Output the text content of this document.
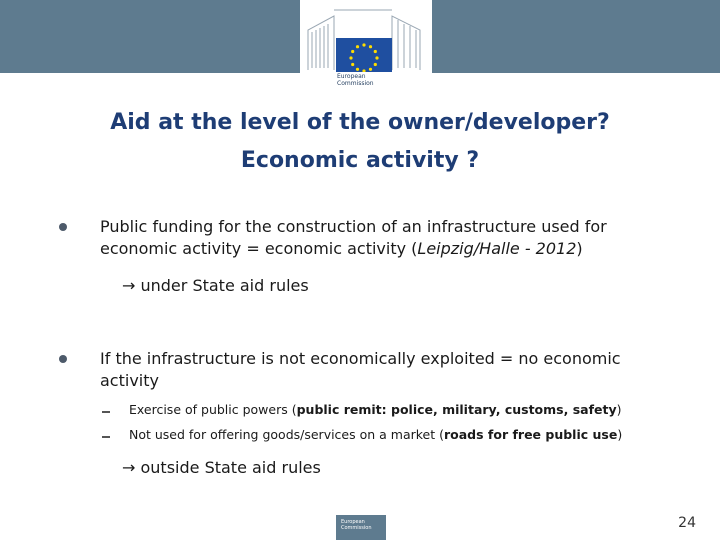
European
Commission
Aid at the level of the owner/developer?
Economic activity ?
Public funding for the construction of an infrastructure used for
economic activity = economic activity (Leipzig/Halle - 2012)
→ under State aid rules
If the infrastructure is not economically exploited = no economic
activity
Exercise of public powers (public remit: police, military, customs, safety)
Not used for offering goods/services on a market (roads for free public use)
→ outside State aid rules
European Commission	24
